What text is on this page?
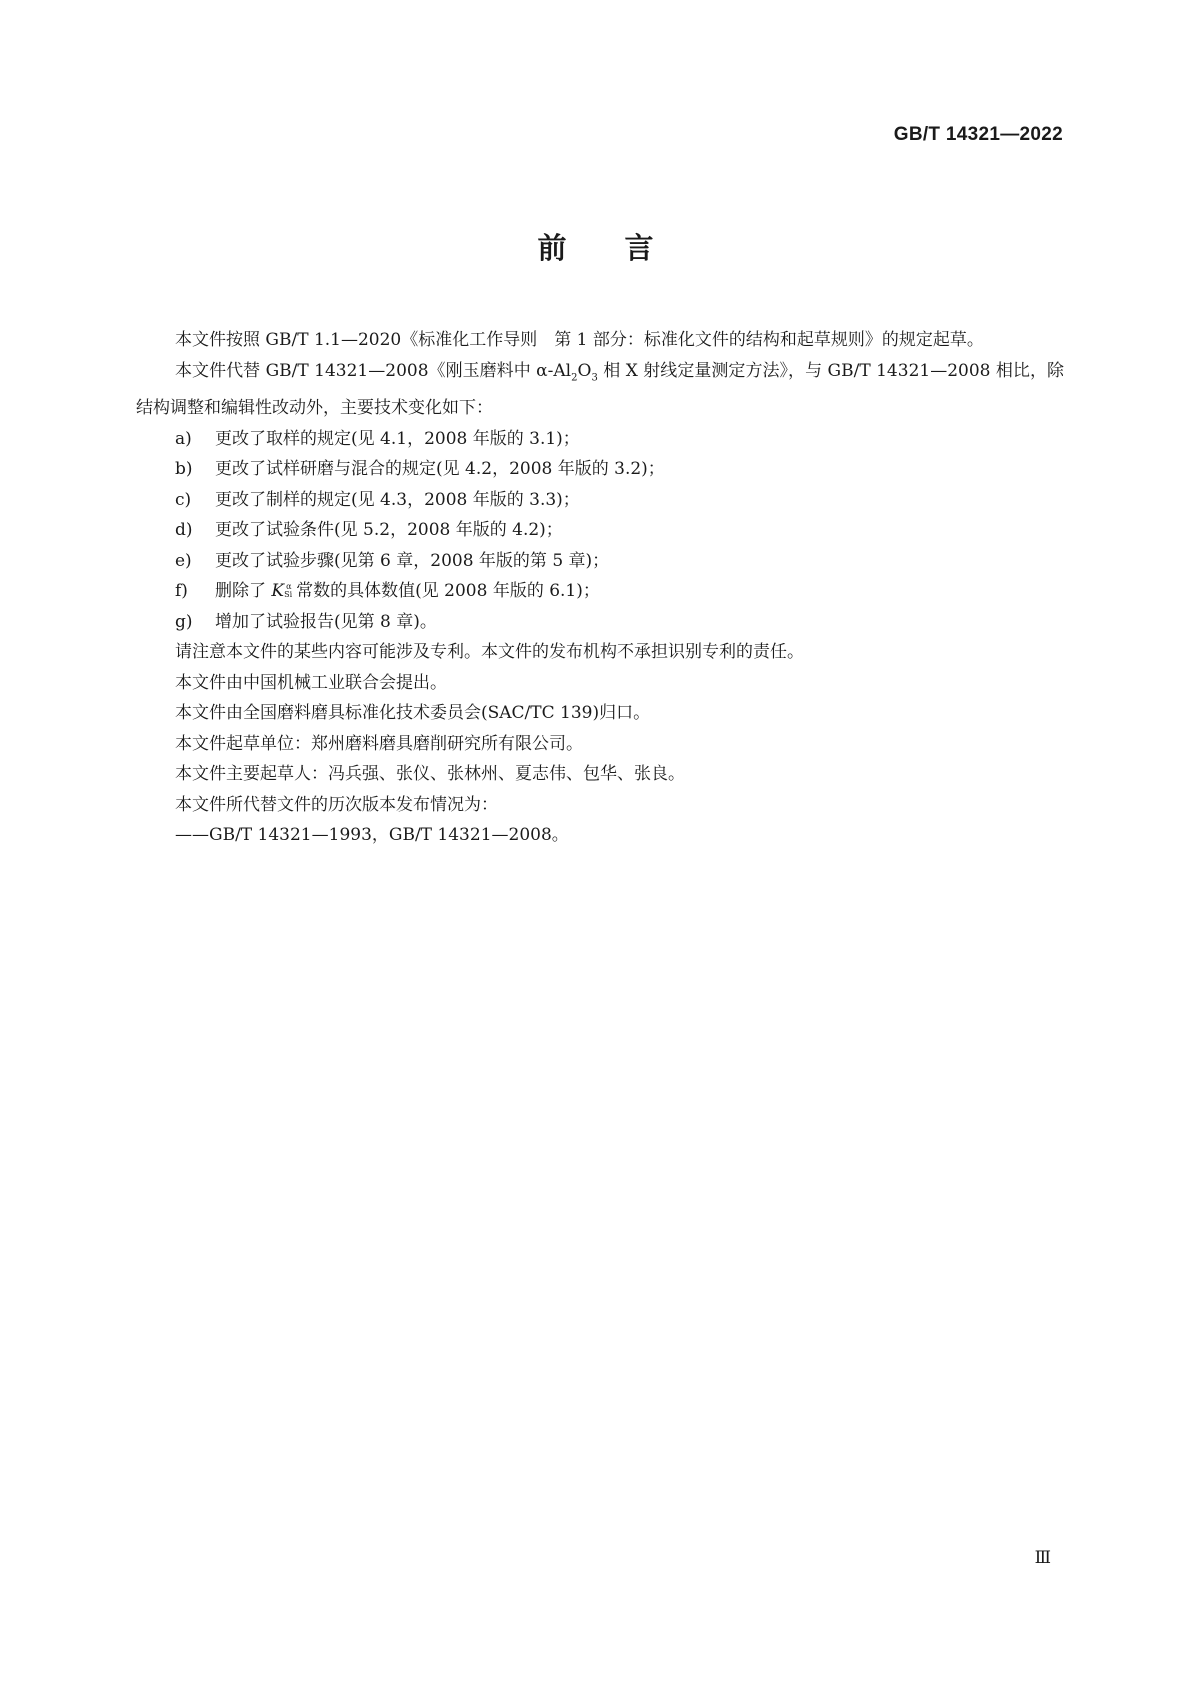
GB/T 14321—2022
前 言

本文件按照 GB/T 1.1—2020《标准化工作导则　第 1 部分：标准化文件的结构和起草规则》的规定起草。

本文件代替 GB/T 14321—2008《刚玉磨料中 $\alpha-Al_2O_3$ 相 X 射线定量测定方法》，与 GB/T 14321—2008 相比，除结构调整和编辑性改动外，主要技术变化如下：

a) 更改了取样的规定(见 4.1，2008 年版的 3.1)；
b) 更改了试样研磨与混合的规定(见 4.2，2008 年版的 3.2)；
c) 更改了制样的规定(见 4.3，2008 年版的 3.3)；
d) 更改了试验条件(见 5.2，2008 年版的 4.2)；
e) 更改了试验步骤(见第 6 章，2008 年版的第 5 章)；
f) 删除了 K α
Si 常数的具体数值(见 2008 年版的 6.1)；
g) 增加了试验报告(见第 8 章)。

请注意本文件的某些内容可能涉及专利。本文件的发布机构不承担识别专利的责任。

本文件由中国机械工业联合会提出。

本文件由全国磨料磨具标准化技术委员会(SAC/TC 139)归口。

本文件起草单位：郑州磨料磨具磨削研究所有限公司。

本文件主要起草人：冯兵强、张仪、张林州、夏志伟、包华、张良。

本文件所代替文件的历次版本发布情况为：

——GB/T 14321—1993，GB/T 14321—2008。
Ⅲ
